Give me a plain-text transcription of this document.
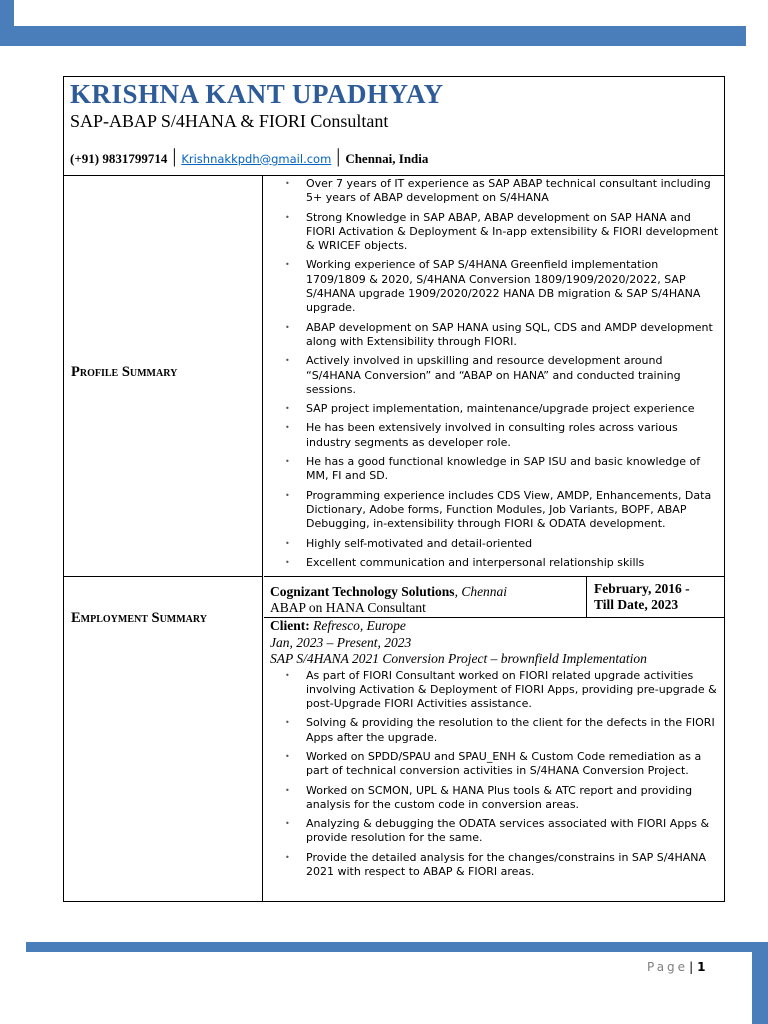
KRISHNA KANT UPADHYAY
SAP-ABAP S/4HANA & FIORI Consultant
(+91) 9831799714 | Krishnakkpdh@gmail.com | Chennai, India
Profile Summary
• Over 7 years of IT experience as SAP ABAP technical consultant including 5+ years of ABAP development on S/4HANA
• Strong Knowledge in SAP ABAP, ABAP development on SAP HANA and FIORI Activation & Deployment & In-app extensibility & FIORI development & WRICEF objects.
• Working experience of SAP S/4HANA Greenfield implementation 1709/1809 & 2020, S/4HANA Conversion 1809/1909/2020/2022, SAP S/4HANA upgrade 1909/2020/2022 HANA DB migration & SAP S/4HANA upgrade.
• ABAP development on SAP HANA using SQL, CDS and AMDP development along with Extensibility through FIORI.
• Actively involved in upskilling and resource development around “S/4HANA Conversion” and “ABAP on HANA” and conducted training sessions.
• SAP project implementation, maintenance/upgrade project experience
• He has been extensively involved in consulting roles across various industry segments as developer role.
• He has a good functional knowledge in SAP ISU and basic knowledge of MM, FI and SD.
• Programming experience includes CDS View, AMDP, Enhancements, Data Dictionary, Adobe forms, Function Modules, Job Variants, BOPF, ABAP Debugging, in-extensibility through FIORI & ODATA development.
• Highly self-motivated and detail-oriented
• Excellent communication and interpersonal relationship skills
Employment Summary
Cognizant Technology Solutions, Chennai
ABAP on HANA Consultant
February, 2016 -
Till Date, 2023
Client: Refresco, Europe
Jan, 2023 – Present, 2023
SAP S/4HANA 2021 Conversion Project – brownfield Implementation
• As part of FIORI Consultant worked on FIORI related upgrade activities involving Activation & Deployment of FIORI Apps, providing pre-upgrade & post-Upgrade FIORI Activities assistance.
• Solving & providing the resolution to the client for the defects in the FIORI Apps after the upgrade.
• Worked on SPDD/SPAU and SPAU_ENH & Custom Code remediation as a part of technical conversion activities in S/4HANA Conversion Project.
• Worked on SCMON, UPL & HANA Plus tools & ATC report and providing analysis for the custom code in conversion areas.
• Analyzing & debugging the ODATA services associated with FIORI Apps & provide resolution for the same.
• Provide the detailed analysis for the changes/constrains in SAP S/4HANA 2021 with respect to ABAP & FIORI areas.
Page | 1
